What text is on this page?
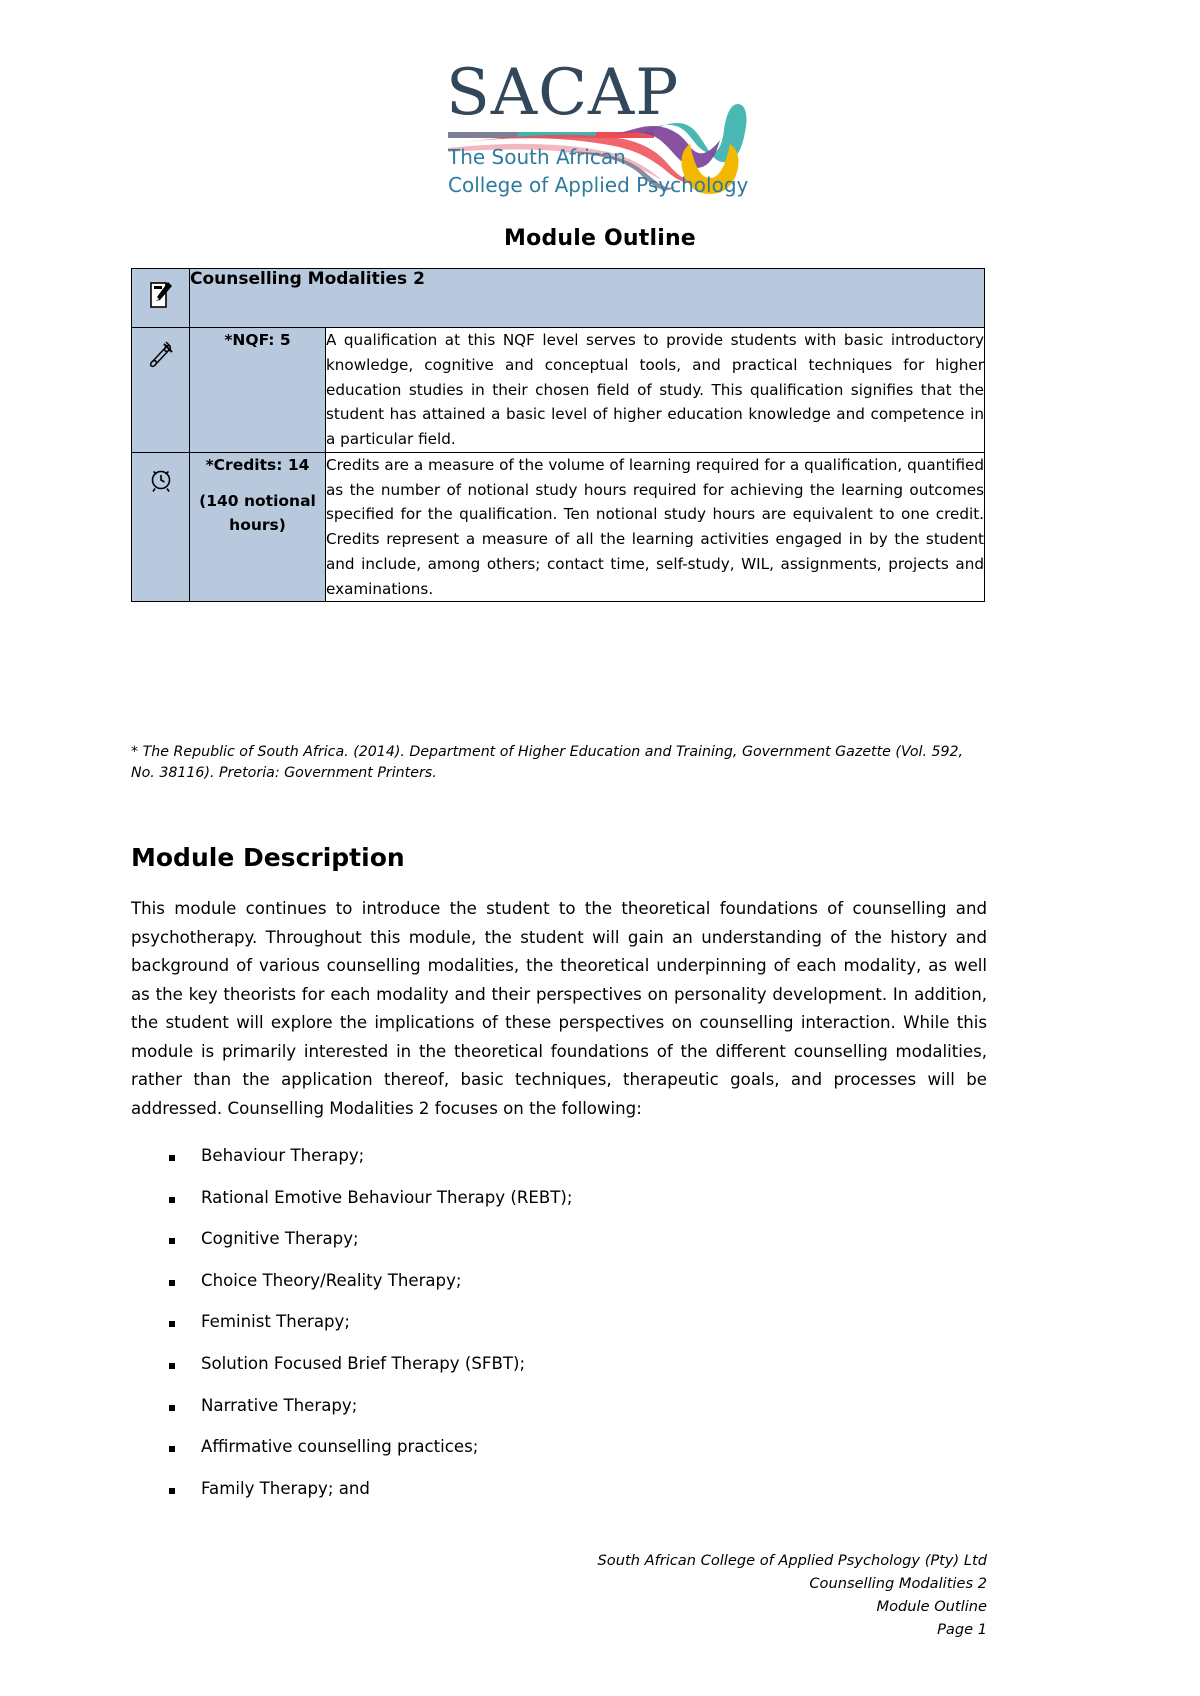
SACAP
The South African
College of Applied Psychology
Module Outline
	Counselling Modalities 2	

	*NQF: 5	A qualification at this NQF level serves to provide students with basic introductory knowledge, cognitive and conceptual tools, and practical techniques for higher education studies in their chosen field of study. This qualification signifies that the student has attained a basic level of higher education knowledge and competence in a particular field.

*Credits: 14
(140 notional hours)	Credits are a measure of the volume of learning required for a qualification, quantified as the number of notional study hours required for achieving the learning outcomes specified for the qualification. Ten notional study hours are equivalent to one credit. Credits represent a measure of all the learning activities engaged in by the student and include, among others; contact time, self-study, WIL, assignments, projects and examinations.
* The Republic of South Africa. (2014). Department of Higher Education and Training, Government Gazette (Vol. 592, No. 38116). Pretoria: Government Printers.
Module Description
This module continues to introduce the student to the theoretical foundations of counselling and psychotherapy. Throughout this module, the student will gain an understanding of the history and background of various counselling modalities, the theoretical underpinning of each modality, as well as the key theorists for each modality and their perspectives on personality development. In addition, the student will explore the implications of these perspectives on counselling interaction. While this module is primarily interested in the theoretical foundations of the different counselling modalities, rather than the application thereof, basic techniques, therapeutic goals, and processes will be addressed. Counselling Modalities 2 focuses on the following:
Behaviour Therapy;
Rational Emotive Behaviour Therapy (REBT);
Cognitive Therapy;
Choice Theory/Reality Therapy;
Feminist Therapy;
Solution Focused Brief Therapy (SFBT);
Narrative Therapy;
Affirmative counselling practices;
Family Therapy; and
South African College of Applied Psychology (Pty) Ltd
Counselling Modalities 2
Module Outline
Page 1
